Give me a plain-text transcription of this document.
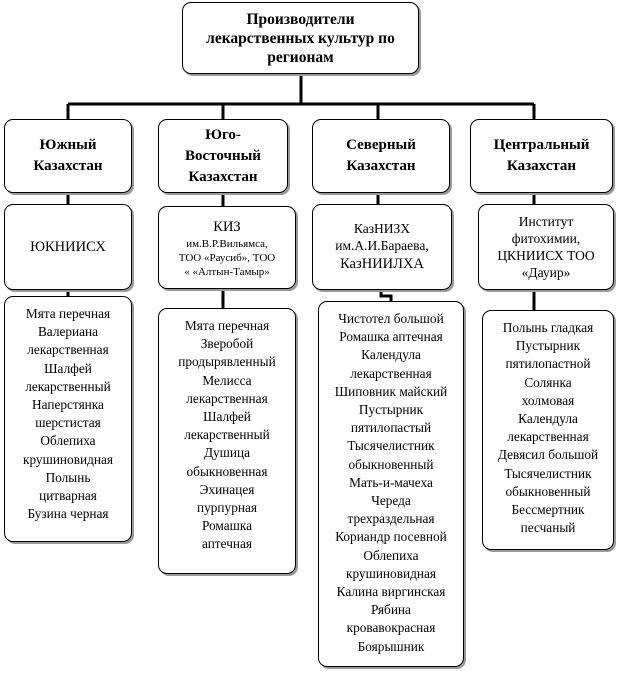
Производители
лекарственных культур по
регионам
Южный
Казахстан
ЮКНИИСХ
Мята перечная
Валериана
лекарственная
Шалфей
лекарственный
Наперстянка
шерстистая
Облепиха
крушиновидная
Полынь
цитварная
Бузина черная
Юго-
Восточный
Казахстан
КИЗ
им.В.Р.Вильямса,
ТОО «Раусиб», ТОО
« «Алтын-Тамыр»
Мята перечная
Зверобой
продырявленный
Мелисса
лекарственная
Шалфей
лекарственный
Душица
обыкновенная
Эхинацея
пурпурная
Ромашка
аптечная
Северный
Казахстан
КазНИЗХ
им.А.И.Бараева,
КазНИИЛХА
Чистотел большой
Ромашка аптечная
Календула
лекарственная
Шиповник майский
Пустырник
пятилопастый
Тысячелистник
обыкновенный
Мать-и-мачеха
Череда
трехраздельная
Кориандр посевной
Облепиха
крушиновидная
Калина виргинская
Рябина
кровавокрасная
Боярышник
Центральный
Казахстан
Институт
фитохимии,
ЦКНИИСХ ТОО
«Дауир»
Полынь гладкая
Пустырник
пятилопастной
Солянка
холмовая
Календула
лекарственная
Девясил большой
Тысячелистник
обыкновенный
Бессмертник
песчаный
